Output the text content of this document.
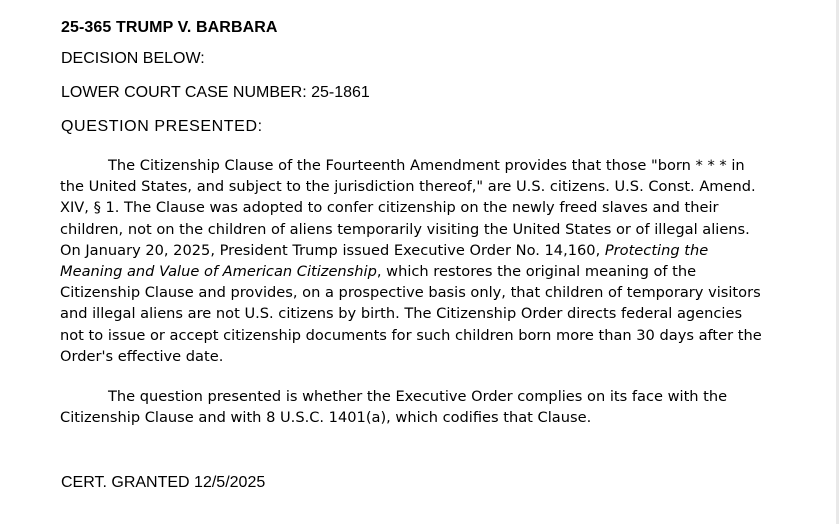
25-365 TRUMP V. BARBARA
DECISION BELOW:
LOWER COURT CASE NUMBER: 25-1861
QUESTION PRESENTED:

The Citizenship Clause of the Fourteenth Amendment provides that those "born * * * in the United States, and subject to the jurisdiction thereof," are U.S. citizens. U.S. Const. Amend. XIV, § 1. The Clause was adopted to confer citizenship on the newly freed slaves and their children, not on the children of aliens temporarily visiting the United States or of illegal aliens. On January 20, 2025, President Trump issued Executive Order No. 14,160, Protecting the Meaning and Value of American Citizenship, which restores the original meaning of the Citizenship Clause and provides, on a prospective basis only, that children of temporary visitors and illegal aliens are not U.S. citizens by birth. The Citizenship Order directs federal agencies not to issue or accept citizenship documents for such children born more than 30 days after the Order's effective date.

The question presented is whether the Executive Order complies on its face with the Citizenship Clause and with 8 U.S.C. 1401(a), which codifies that Clause.

CERT. GRANTED 12/5/2025
